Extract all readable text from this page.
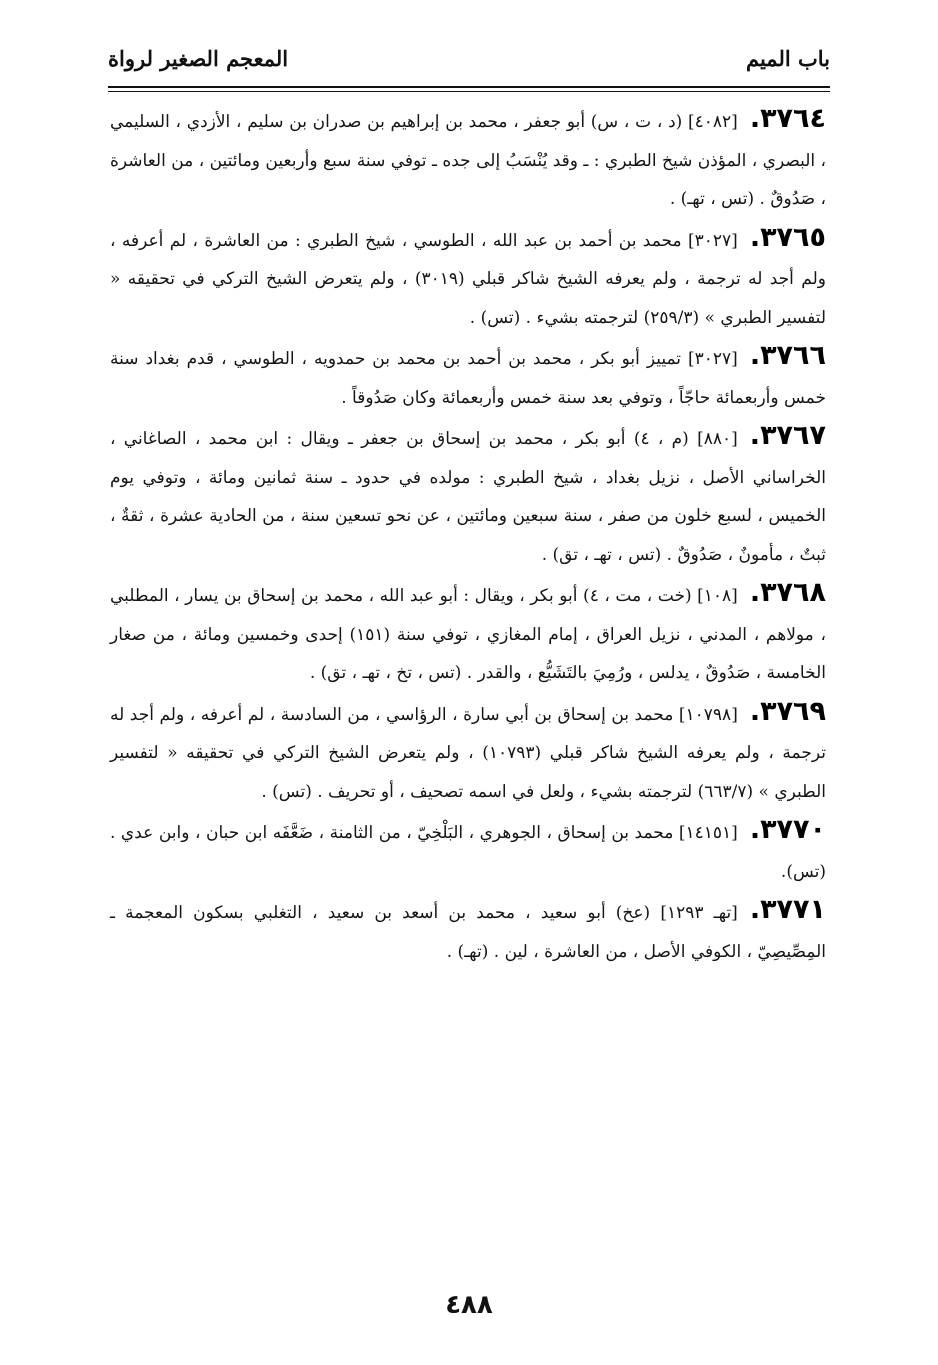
باب الميم
المعجم الصغير لرواة

٣٧٦٤.[٤٠٨٢] (د ، ت ، س) أبو جعفر ، محمد بن إبراهيم بن صدران بن سليم ، الأزدي ، السليمي ، البصري ، المؤذن شيخ الطبري : ـ وقد يُنْسَبُ إلى جده ـ توفي سنة سبع وأربعين ومائتين ، من العاشرة ، صَدُوقٌ . (تس ، تهـ) .

٣٧٦٥.[٣٠٢٧] محمد بن أحمد بن عبد الله ، الطوسي ، شيخ الطبري : من العاشرة ، لم أعرفه ، ولم أجد له ترجمة ، ولم يعرفه الشيخ شاكر قبلي (٣٠١٩) ، ولم يتعرض الشيخ التركي في تحقيقه « لتفسير الطبري » (٢٥٩/٣) لترجمته بشيء . (تس) .

٣٧٦٦.[٣٠٢٧] تمييز أبو بكر ، محمد بن أحمد بن محمد بن حمدويه ، الطوسي ، قدم بغداد سنة خمس وأربعمائة حاجّاً ، وتوفي بعد سنة خمس وأربعمائة وكان صَدُوقاً .

٣٧٦٧.[٨٨٠] (م ، ٤) أبو بكر ، محمد بن إسحاق بن جعفر ـ ويقال : ابن محمد ، الصاغاني ، الخراساني الأصل ، نزيل بغداد ، شيخ الطبري : مولده في حدود ـ سنة ثمانين ومائة ، وتوفي يوم الخميس ، لسبع خلون من صفر ، سنة سبعين ومائتين ، عن نحو تسعين سنة ، من الحادية عشرة ، ثقةٌ ، ثبتٌ ، مأمونٌ ، صَدُوقٌ . (تس ، تهـ ، تق) .

٣٧٦٨.[١٠٨] (خت ، مت ، ٤) أبو بكر ، ويقال : أبو عبد الله ، محمد بن إسحاق بن يسار ، المطلبي ، مولاهم ، المدني ، نزيل العراق ، إمام المغازي ، توفي سنة (١٥١) إحدى وخمسين ومائة ، من صغار الخامسة ، صَدُوقٌ ، يدلس ، ورُمِيَ بالتَشَيُّع ، والقدر . (تس ، تخ ، تهـ ، تق) .

٣٧٦٩.[١٠٧٩٨] محمد بن إسحاق بن أبي سارة ، الرؤاسي ، من السادسة ، لم أعرفه ، ولم أجد له ترجمة ، ولم يعرفه الشيخ شاكر قبلي (١٠٧٩٣) ، ولم يتعرض الشيخ التركي في تحقيقه « لتفسير الطبري » (٦٦٣/٧) لترجمته بشيء ، ولعل في اسمه تصحيف ، أو تحريف . (تس) .

٣٧٧٠.[١٤١٥١] محمد بن إسحاق ، الجوهري ، البَلْخِيّ ، من الثامنة ، ضَعَّفَه ابن حبان ، وابن عدي . (تس).

٣٧٧١.[تهـ ١٢٩٣] (عخ) أبو سعيد ، محمد بن أسعد بن سعيد ، التغلبي بسكون المعجمة ـ المِصِّيصِيّ ، الكوفي الأصل ، من العاشرة ، لين . (تهـ) .

٤٨٨
